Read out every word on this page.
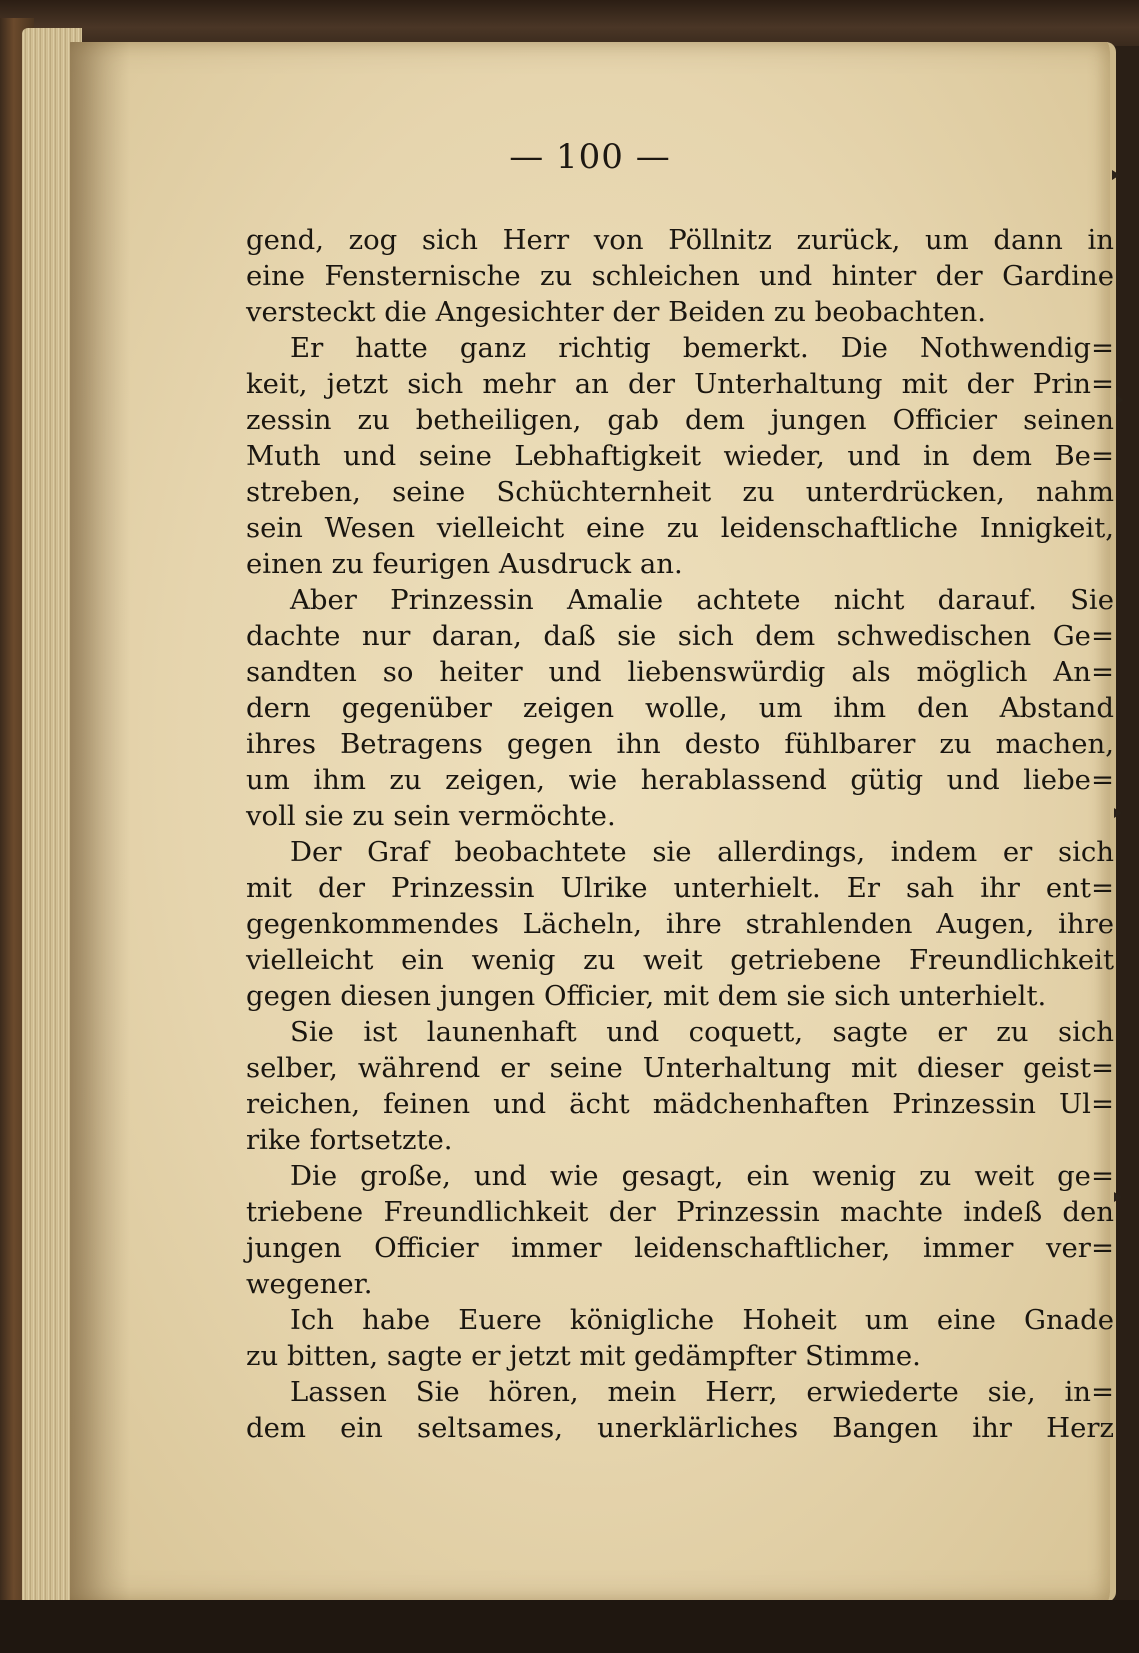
— 100 —
gend, zog sich Herr von Pöllnitz zurück, um dann in
eine Fensternische zu schleichen und hinter der Gardine
versteckt die Angesichter der Beiden zu beobachten.
Er hatte ganz richtig bemerkt. Die Nothwendig=
keit, jetzt sich mehr an der Unterhaltung mit der Prin=
zessin zu betheiligen, gab dem jungen Officier seinen
Muth und seine Lebhaftigkeit wieder, und in dem Be=
streben, seine Schüchternheit zu unterdrücken, nahm
sein Wesen vielleicht eine zu leidenschaftliche Innigkeit,
einen zu feurigen Ausdruck an.
Aber Prinzessin Amalie achtete nicht darauf. Sie
dachte nur daran, daß sie sich dem schwedischen Ge=
sandten so heiter und liebenswürdig als möglich An=
dern gegenüber zeigen wolle, um ihm den Abstand
ihres Betragens gegen ihn desto fühlbarer zu machen,
um ihm zu zeigen, wie herablassend gütig und liebe=
voll sie zu sein vermöchte.
Der Graf beobachtete sie allerdings, indem er sich
mit der Prinzessin Ulrike unterhielt. Er sah ihr ent=
gegenkommendes Lächeln, ihre strahlenden Augen, ihre
vielleicht ein wenig zu weit getriebene Freundlichkeit
gegen diesen jungen Officier, mit dem sie sich unterhielt.
Sie ist launenhaft und coquett, sagte er zu sich
selber, während er seine Unterhaltung mit dieser geist=
reichen, feinen und ächt mädchenhaften Prinzessin Ul=
rike fortsetzte.
Die große, und wie gesagt, ein wenig zu weit ge=
triebene Freundlichkeit der Prinzessin machte indeß den
jungen Officier immer leidenschaftlicher, immer ver=
wegener.
Ich habe Euere königliche Hoheit um eine Gnade
zu bitten, sagte er jetzt mit gedämpfter Stimme.
Lassen Sie hören, mein Herr, erwiederte sie, in=
dem ein seltsames, unerklärliches Bangen ihr Herz
